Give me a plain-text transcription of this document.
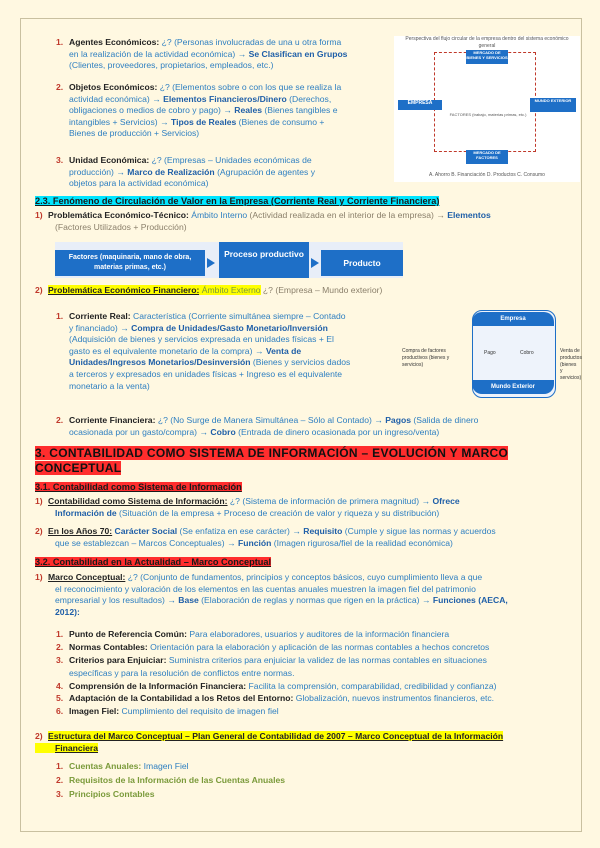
1. Agentes Económicos: ¿? (Personas involucradas de una u otra forma
en la realización de la actividad económica) → Se Clasifican en Grupos
(Clientes, proveedores, propietarios, empleados, etc.)
2. Objetos Económicos: ¿? (Elementos sobre o con los que se realiza la
actividad económica) → Elementos Financieros/Dinero (Derechos,
obligaciones o medios de cobro y pago) → Reales (Bienes tangibles e
intangibles + Servicios) → Tipos de Reales (Bienes de consumo +
Bienes de producción + Servicios)
3. Unidad Económica: ¿? (Empresas – Unidades económicas de
producción) → Marco de Realización (Agrupación de agentes y
objetos para la actividad económica)
Perspectiva del flujo circular de la empresa dentro del sistema económico general
MERCADO DE BIENES Y SERVICIOS
EMPRESA	MUNDO EXTERIOR
FACTORES (trabajo, materias primas, etc.)
MERCADO DE FACTORES
A. Ahorro B. Financiación D. Productos C. Consumo
2.3. Fenómeno de Circulación de Valor en la Empresa (Corriente Real y Corriente Financiera)
1) Problemática Económico-Técnico: Ámbito Interno (Actividad realizada en el interior de la empresa) → Elementos
(Factores Utilizados + Producción)
Factores (maquinaria, mano de obra, materias primas, etc.)
Proceso productivo
Producto
2) Problemática Económico Financiero: Ámbito Externo ¿? (Empresa – Mundo exterior)
1. Corriente Real: Característica (Corriente simultánea siempre – Contado
y financiado) → Compra de Unidades/Gasto Monetario/Inversión
(Adquisición de bienes y servicios expresada en unidades físicas + El
gasto es el equivalente monetario de la compra) → Venta de
Unidades/Ingresos Monetarios/Desinversión (Bienes y servicios dados
a terceros y expresados en unidades físicas + Ingreso es el equivalente
monetario a la venta)
Empresa
Mundo Exterior
Compra de factores productivos (bienes y servicios)
Venta de productos (bienes y servicios)
Pago	Cobro
2. Corriente Financiera: ¿? (No Surge de Manera Simultánea – Sólo al Contado) → Pagos (Salida de dinero
ocasionada por un gasto/compra) → Cobro (Entrada de dinero ocasionada por un ingreso/venta)
3. CONTABILIDAD COMO SISTEMA DE INFORMACIÓN – EVOLUCIÓN Y MARCO
CONCEPTUAL
3.1. Contabilidad como Sistema de Información
1) Contabilidad como Sistema de Información: ¿? (Sistema de información de primera magnitud) → Ofrece
Información de (Situación de la empresa + Proceso de creación de valor y riqueza y su distribución)
2) En los Años 70: Carácter Social (Se enfatiza en ese carácter) → Requisito (Cumple y sigue las normas y acuerdos
que se establezcan – Marcos Conceptuales) → Función (Imagen rigurosa/fiel de la realidad económica)
3.2. Contabilidad en la Actualidad – Marco Conceptual
1) Marco Conceptual: ¿? (Conjunto de fundamentos, principios y conceptos básicos, cuyo cumplimiento lleva a que
el reconocimiento y valoración de los elementos en las cuentas anuales muestren la imagen fiel del patrimonio
empresarial y los resultados) → Base (Elaboración de reglas y normas que rigen en la práctica) → Funciones (AECA,
2012):
1. Punto de Referencia Común: Para elaboradores, usuarios y auditores de la información financiera
2. Normas Contables: Orientación para la elaboración y aplicación de las normas contables a hechos concretos
3. Criterios para Enjuiciar: Suministra criterios para enjuiciar la validez de las normas contables en situaciones
específicas y para la resolución de conflictos entre normas.
4. Comprensión de la Información Financiera: Facilita la comprensión, comparabilidad, credibilidad y confianza)
5. Adaptación de la Contabilidad a los Retos del Entorno: Globalización, nuevos instrumentos financieros, etc.
6. Imagen Fiel: Cumplimiento del requisito de imagen fiel
2) Estructura del Marco Conceptual – Plan General de Contabilidad de 2007 – Marco Conceptual de la Información
Financiera
1. Cuentas Anuales: Imagen Fiel
2. Requisitos de la Información de las Cuentas Anuales
3. Principios Contables
